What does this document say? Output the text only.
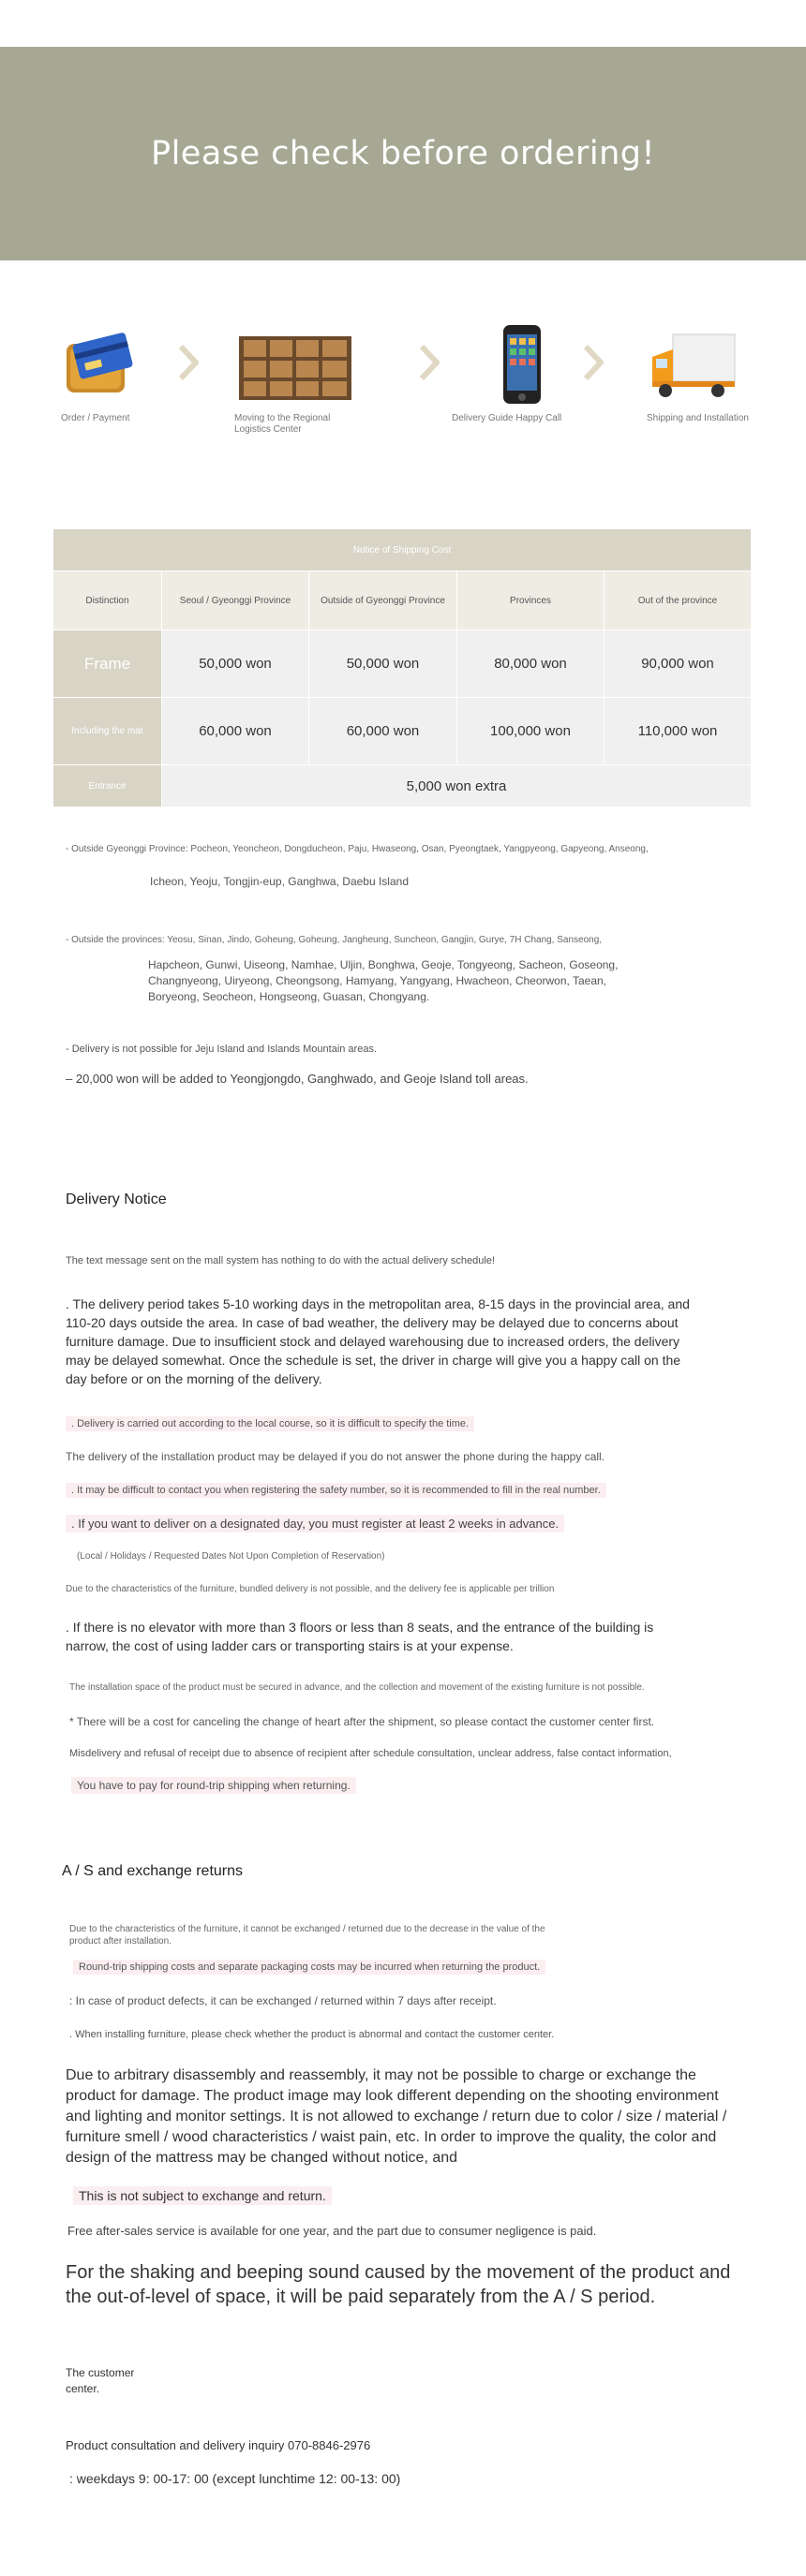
Please check before ordering!
Order / Payment	Moving to the Regional Logistics Center
Delivery Guide Happy Call	Shipping and Installation
Notice of Shipping Cost
Distinction	Seoul / Gyeonggi Province	Outside of Gyeonggi Province	Provinces	Out of the province
Frame	50,000 won	50,000 won	80,000 won	90,000 won
Including the mat	60,000 won	60,000 won	100,000 won	110,000 won
Entrance	5,000 won extra
- Outside Gyeonggi Province: Pocheon, Yeoncheon, Dongducheon, Paju, Hwaseong, Osan, Pyeongtaek, Yangpyeong, Gapyeong, Anseong,
Icheon, Yeoju, Tongjin-eup, Ganghwa, Daebu Island
- Outside the provinces: Yeosu, Sinan, Jindo, Goheung, Goheung, Jangheung, Suncheon, Gangjin, Gurye, 7H Chang, Sanseong,
Hapcheon, Gunwi, Uiseong, Namhae, Uljin, Bonghwa, Geoje, Tongyeong, Sacheon, Goseong, Changnyeong, Uiryeong, Cheongsong, Hamyang, Yangyang, Hwacheon, Cheorwon, Taean, Boryeong, Seocheon, Hongseong, Guasan, Chongyang.
- Delivery is not possible for Jeju Island and Islands Mountain areas.
– 20,000 won will be added to Yeongjongdo, Ganghwado, and Geoje Island toll areas.
Delivery Notice
The text message sent on the mall system has nothing to do with the actual delivery schedule!
. The delivery period takes 5-10 working days in the metropolitan area, 8-15 days in the provincial area, and 110-20 days outside the area. In case of bad weather, the delivery may be delayed due to concerns about furniture damage. Due to insufficient stock and delayed warehousing due to increased orders, the delivery may be delayed somewhat. Once the schedule is set, the driver in charge will give you a happy call on the day before or on the morning of the delivery.
. Delivery is carried out according to the local course, so it is difficult to specify the time.
The delivery of the installation product may be delayed if you do not answer the phone during the happy call.
. It may be difficult to contact you when registering the safety number, so it is recommended to fill in the real number.
. If you want to deliver on a designated day, you must register at least 2 weeks in advance.
(Local / Holidays / Requested Dates Not Upon Completion of Reservation)
Due to the characteristics of the furniture, bundled delivery is not possible, and the delivery fee is applicable per trillion
. If there is no elevator with more than 3 floors or less than 8 seats, and the entrance of the building is narrow, the cost of using ladder cars or transporting stairs is at your expense.
The installation space of the product must be secured in advance, and the collection and movement of the existing furniture is not possible.
* There will be a cost for canceling the change of heart after the shipment, so please contact the customer center first.
Misdelivery and refusal of receipt due to absence of recipient after schedule consultation, unclear address, false contact information,
You have to pay for round-trip shipping when returning.
A / S and exchange returns
Due to the characteristics of the furniture, it cannot be exchanged / returned due to the decrease in the value of the product after installation.
Round-trip shipping costs and separate packaging costs may be incurred when returning the product.
: In case of product defects, it can be exchanged / returned within 7 days after receipt.
. When installing furniture, please check whether the product is abnormal and contact the customer center.
Due to arbitrary disassembly and reassembly, it may not be possible to charge or exchange the product for damage. The product image may look different depending on the shooting environment and lighting and monitor settings. It is not allowed to exchange / return due to color / size / material / furniture smell / wood characteristics / waist pain, etc. In order to improve the quality, the color and design of the mattress may be changed without notice, and
This is not subject to exchange and return.
Free after-sales service is available for one year, and the part due to consumer negligence is paid.
For the shaking and beeping sound caused by the movement of the product and the out-of-level of space, it will be paid separately from the A / S period.
The customer center.
Product consultation and delivery inquiry 070-8846-2976
: weekdays 9: 00-17: 00 (except lunchtime 12: 00-13: 00)
